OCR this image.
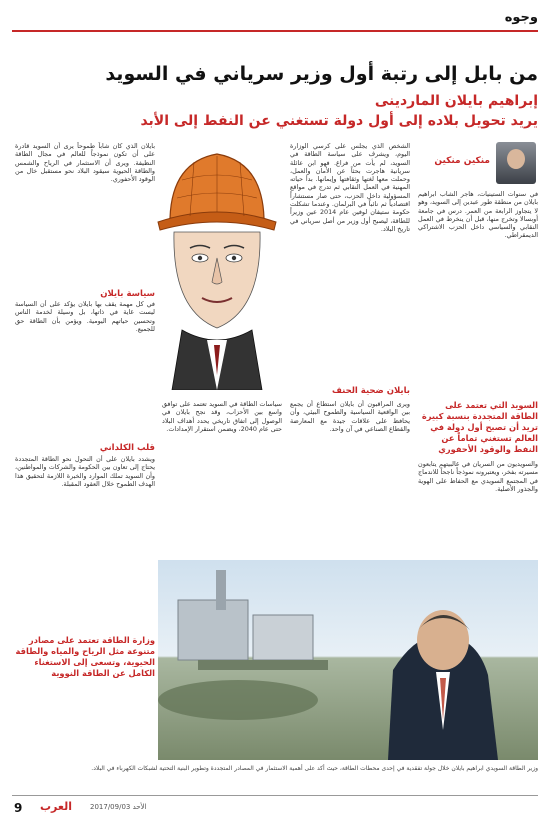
وجوه
من بابل إلى رتبة أول وزير سرياني في السويد
إبراهيم بايلان الماردينى
يريد تحويل بلاده إلى أول دولة تستغني عن النفط إلى الأبد
منكين منكين
في سنوات الستينيات، هاجر الشاب ابراهيم بايلان من منطقة طور عبدين إلى السويد، وهو لا يتجاوز الرابعة من العمر. درس في جامعة أوبسالا وتخرج منها، قبل أن ينخرط في العمل النقابي والسياسي داخل الحزب الاشتراكي الديمقراطي.
الشخص الذي يجلس على كرسي الوزارة اليوم، ويشرف على سياسة الطاقة في السويد، لم يأت من فراغ. فهو ابن عائلة سريانية هاجرت بحثاً عن الأمان والعمل، وحملت معها لغتها وثقافتها وإيمانها. بدأ حياته المهنية في العمل النقابي ثم تدرج في مواقع المسؤولية داخل الحزب، حتى صار مستشاراً اقتصادياً ثم نائباً في البرلمان. وعندما تشكلت حكومة ستيفان لوفين عام 2014 عين وزيراً للطاقة، ليصبح أول وزير من أصل سرياني في تاريخ البلاد.
بايلان الذي كان شاباً طموحاً يرى أن السويد قادرة على أن تكون نموذجاً للعالم في مجال الطاقة النظيفة. ويرى أن الاستثمار في الرياح والشمس والطاقة الحيوية سيقود البلاد نحو مستقبل خال من الوقود الأحفوري.
سياسة بايلان
في كل مهمة يقف بها بايلان يؤكد على أن السياسة ليست غاية في ذاتها، بل وسيلة لخدمة الناس وتحسين حياتهم اليومية. ويؤمن بأن الطاقة حق للجميع.
قلب الكلداني
ويشدد بايلان على أن التحول نحو الطاقة المتجددة يحتاج إلى تعاون بين الحكومة والشركات والمواطنين، وأن السويد تملك الموارد والخبرة اللازمة لتحقيق هذا الهدف الطموح خلال العقود المقبلة.
بايلان ضحية الحنف
سياسات الطاقة في السويد تعتمد على توافق واسع بين الأحزاب، وقد نجح بايلان في الوصول إلى اتفاق تاريخي يحدد أهداف البلاد حتى عام 2040، ويضمن استقرار الإمدادات.
ويرى المراقبون أن بايلان استطاع أن يجمع بين الواقعية السياسية والطموح البيئي، وأن يحافظ على علاقات جيدة مع المعارضة والقطاع الصناعي في آن واحد.
السويد التي تعتمد على الطاقة المتجددة بنسبة كبيرة تريد أن تصبح أول دولة في العالم تستغني تماماً عن النفط والوقود الأحفوري
والسويديون من السريان في غالبيتهم يتابعون مسيرته بفخر، ويعتبرونه نموذجاً ناجحاً للاندماج في المجتمع السويدي مع الحفاظ على الهوية والجذور الأصلية.
وزارة الطاقة تعتمد على مصادر متنوعة مثل الرياح والمياه والطاقة الحيوية، وتسعى إلى الاستغناء الكامل عن الطاقة النووية
وزير الطاقة السويدي ابراهيم بايلان خلال جولة تفقدية في إحدى محطات الطاقة، حيث أكد على أهمية الاستثمار في المصادر المتجددة وتطوير البنية التحتية لشبكات الكهرباء في البلاد.
9 العرب	الأحد 2017/09/03
